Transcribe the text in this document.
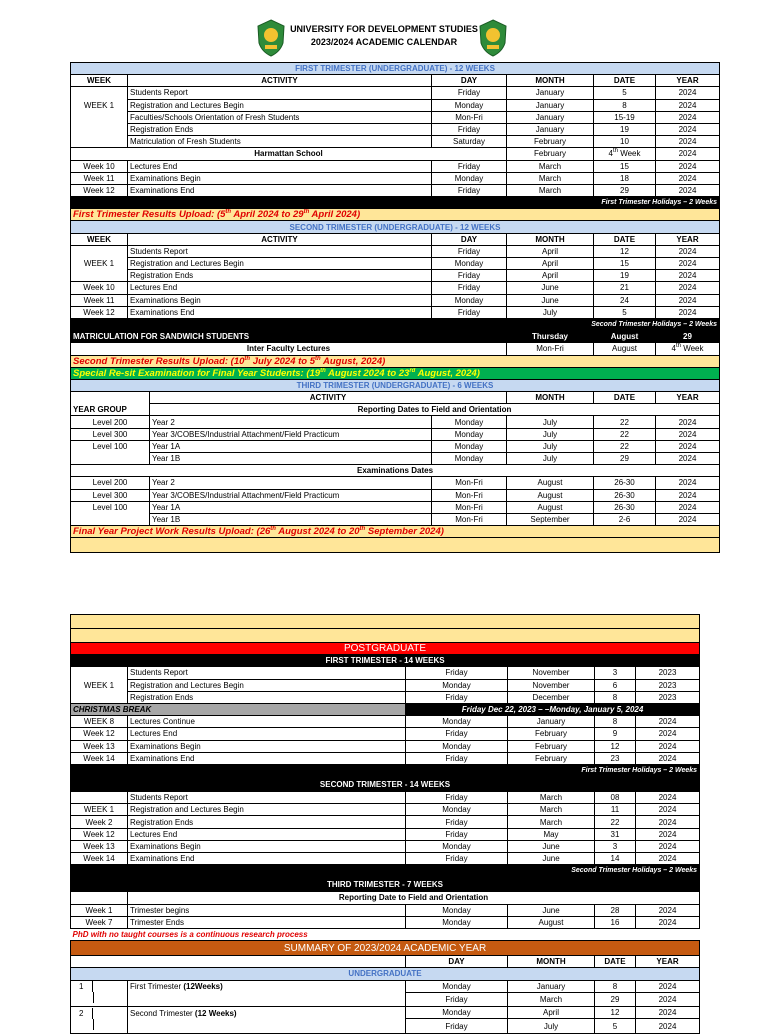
UNIVERSITY FOR DEVELOPMENT STUDIES
2023/2024 ACADEMIC CALENDAR
FIRST TRIMESTER (UNDERGRADUATE) - 12 WEEKS							
WEEK	ACTIVITY		DAY	MONTH	DATE	YEAR	
	Students Report		Friday	January	5	2024	
WEEK 1	Registration and Lectures Begin		Monday	January	8	2024	
	Faculties/Schools Orientation of Fresh Students		Mon-Fri	January	15-19	2024	
	Registration Ends		Friday	January	19	2024	
	Matriculation of Fresh Students		Saturday	February	10	2024	
Harmattan School				February	4th Week	2024	
Week 10	Lectures End		Friday	March	15	2024	
Week 11	Examinations Begin		Monday	March	18	2024	
Week 12	Examinations End		Friday	March	29	2024	
First Trimester Holidays – 2 Weeks							
First Trimester Results Upload: (5th April 2024 to 29th April 2024)							
SECOND TRIMESTER (UNDERGRADUATE) - 12 WEEKS							
WEEK	ACTIVITY		DAY	MONTH	DATE	YEAR	
	Students Report		Friday	April	12	2024	
WEEK 1	Registration and Lectures Begin		Monday	April	15	2024	
	Registration Ends		Friday	April	19	2024	
Week 10	Lectures End		Friday	June	21	2024	
Week 11	Examinations Begin		Monday	June	24	2024	
Week 12	Examinations End		Friday	July	5	2024	
Second Trimester Holidays – 2 Weeks							
MATRICULATION FOR SANDWICH STUDENTS				Thursday	August	29	
Inter Faculty Lectures				Mon-Fri	August	4th Week	
Second Trimester Results Upload: (10th July 2024 to 5th August, 2024)							
Special Re-sit Examination for Final Year Students: (19th August 2024 to 23rd August, 2024)							
THIRD TRIMESTER (UNDERGRADUATE) - 6 WEEKS							
		ACTIVITY		MONTH	DATE	YEAR	
YEAR GROUP		Reporting Dates to Field and Orientation					
Level 200		Year 2	Monday	July	22	2024	
Level 300		Year 3/COBES/Industrial Attachment/Field Practicum	Monday	July	22	2024	
Level 100		Year 1A	Monday	July	22	2024	
		Year 1B	Monday	July	29	2024	
Examinations Dates							
Level 200		Year 2	Mon-Fri	August	26-30	2024	
Level 300		Year 3/COBES/Industrial Attachment/Field Practicum	Mon-Fri	August	26-30	2024	
Level 100		Year 1A	Mon-Fri	August	26-30	2024	
		Year 1B	Mon-Fri	September	2-6	2024	
Final Year Project Work Results Upload: (26th August 2024 to 20th September 2024)							

POSTGRADUATE					
FIRST TRIMESTER - 14 WEEKS					
	Students Report	Friday	November	3	2023
WEEK 1	Registration and Lectures Begin	Monday	November	6	2023
	Registration Ends	Friday	December	8	2023
CHRISTMAS BREAK		Friday Dec 22, 2023 – –Monday, January 5, 2024			
WEEK 8	Lectures Continue	Monday	January	8	2024
Week 12	Lectures End	Friday	February	9	2024
Week 13	Examinations Begin	Monday	February	12	2024
Week 14	Examinations End	Friday	February	23	2024
First Trimester Holidays – 2 Weeks					
SECOND TRIMESTER - 14 WEEKS					
	Students Report	Friday	March	08	2024
WEEK 1	Registration and Lectures Begin	Monday	March	11	2024
Week 2	Registration Ends	Friday	March	22	2024
Week 12	Lectures End	Friday	May	31	2024
Week 13	Examinations Begin	Monday	June	3	2024
Week 14	Examinations End	Friday	June	14	2024
Second Trimester Holidays – 2 Weeks					
THIRD TRIMESTER - 7 WEEKS					
	Reporting Date to Field and Orientation				
Week 1	Trimester begins	Monday	June	28	2024
Week 7	Trimester Ends	Monday	August	16	2024
PhD with no taught courses is a continuous research process					
SUMMARY OF 2023/2024 ACADEMIC YEAR					
		DAY	MONTH	DATE	YEAR
UNDERGRADUATE					
1	First Trimester (12Weeks)	Monday	January	8	2024
		Friday	March	29	2024
2	Second Trimester (12 Weeks)	Monday	April	12	2024
		Friday	July	5	2024
